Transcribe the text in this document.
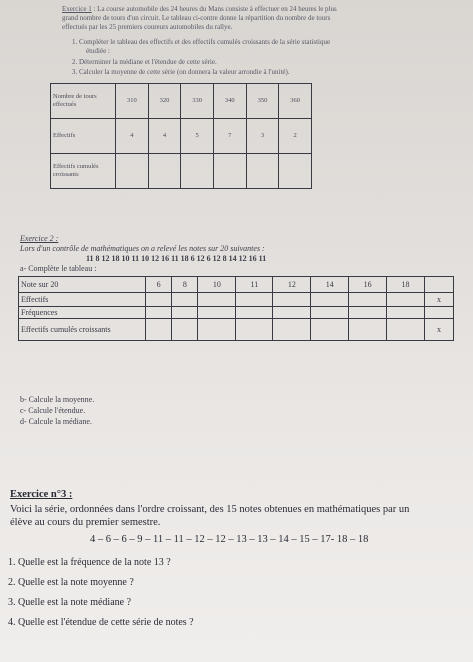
Exercice 1 : La course automobile des 24 heures du Mans consiste à effectuer en 24 heures le plus
grand nombre de tours d'un circuit. Le tableau ci-contre donne la répartition du nombre de tours
effectués par les 25 premiers coureurs automobiles du rallye.
1. Compléter le tableau des effectifs et des effectifs cumulés croissants de la série statistique
étudiée :
2. Déterminer la médiane et l'étendue de cette série.
3. Calculer la moyenne de cette série (on donnera la valeur arrondie à l'unité).
Nombre de tours effectués	310	320	330	340	350	360
Effectifs	4	4	5	7	3	2
Effectifs cumulés croissants						
Exercice 2 :
Lors d'un contrôle de mathématiques on a relevé les notes sur 20 suivantes :
11 8 12 18 10 11 10 12 16 11 18 6 12 6 12 8 14 12 16 11
a- Complète le tableau :
Note sur 20	6	8	10	11	12	14	16	18	
Effectifs									x
Fréquences									
Effectifs cumulés croissants									x
b- Calcule la moyenne.
c- Calcule l'étendue.
d- Calcule la médiane.
Exercice n°3 :
Voici la série, ordonnées dans l'ordre croissant, des 15 notes obtenues en mathématiques par un
élève au cours du premier semestre.
4 – 6 – 6 – 9 – 11 – 11 – 12 – 12 – 13 – 13 – 14 – 15 – 17- 18 – 18
1. Quelle est la fréquence de la note 13 ?
2. Quelle est la note moyenne ?
3. Quelle est la note médiane ?
4. Quelle est l'étendue de cette série de notes ?
